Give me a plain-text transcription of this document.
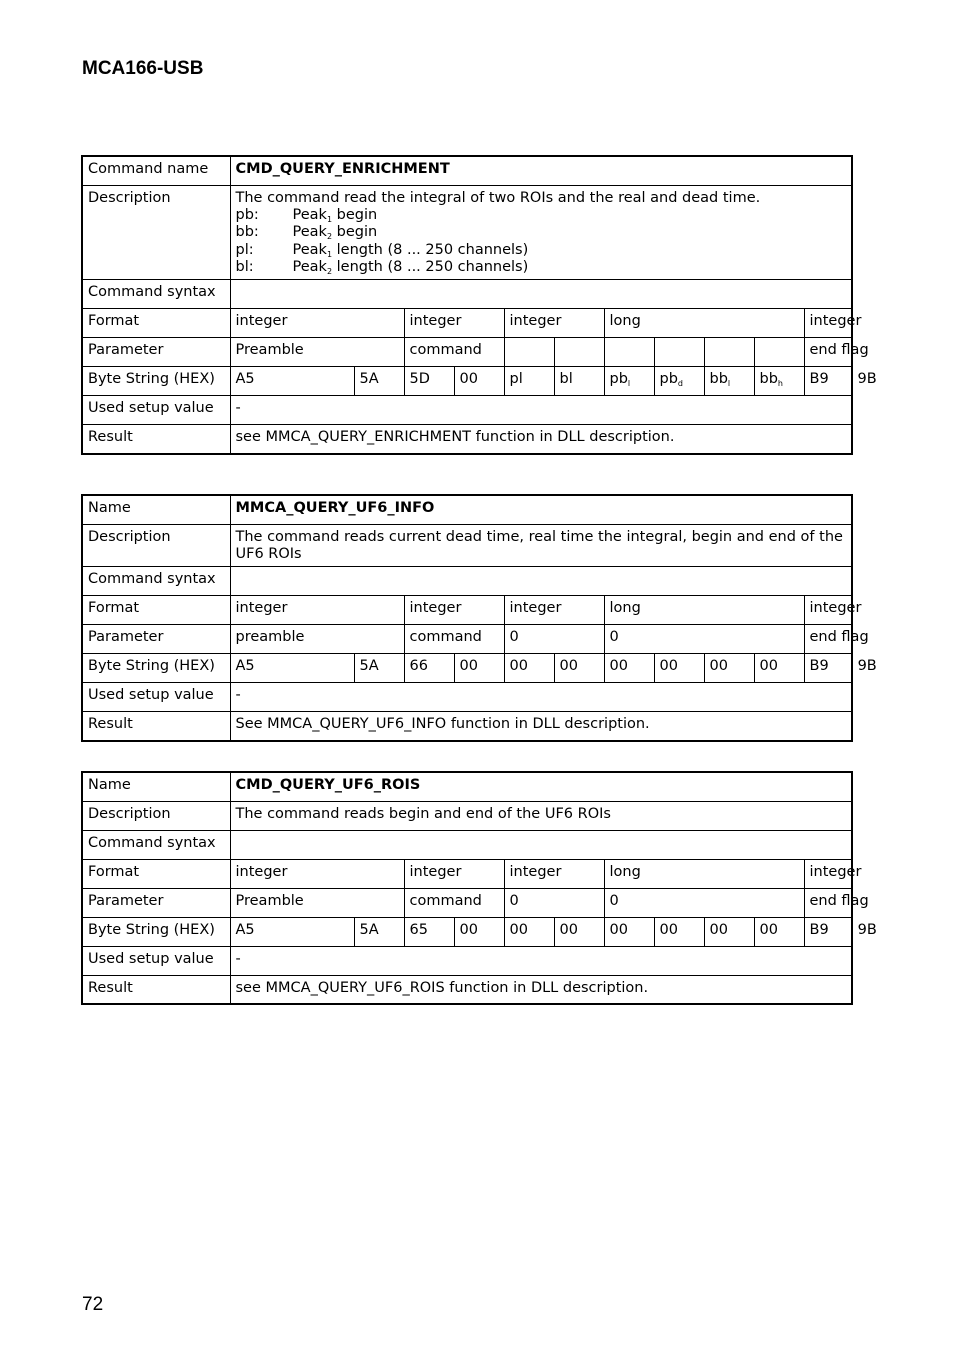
MCA166-USB
Command name	CMD_QUERY_ENRICHMENT											
Description	The command read the integral of two ROIs and the real and dead time.
pb: Peak$_1$ begin
bb: Peak$_2$ begin
pl: Peak$_1$ length (8 ... 250 channels)
bl: Peak$_2$ length (8 ... 250 channels)											

Command syntax												
Format	integer		integer		integer		long				integer	
Parameter	Preamble		command								end flag	
Byte String (HEX)	A5	5A	5D	00	pl	bl	$pb_l$	$pb_d$	$bb_l$	$bb_h$	B9	9B
Used setup value	-											
Result	see MMCA_QUERY_ENRICHMENT function in DLL description.											
Name	MMCA_QUERY_UF6_INFO											
Description	The command reads current dead time, real time the integral, begin and end of the UF6 ROIs											
Command syntax												
Format	integer		integer		integer		long				integer	
Parameter	preamble		command		0		0				end flag	
Byte String (HEX)	A5	5A	66	00	00	00	00	00	00	00	B9	9B
Used setup value	-											
Result	See MMCA_QUERY_UF6_INFO function in DLL description.											
Name	CMD_QUERY_UF6_ROIS											
Description	The command reads begin and end of the UF6 ROIs											
Command syntax												
Format	integer		integer		integer		long				integer	
Parameter	Preamble		command		0		0				end flag	
Byte String (HEX)	A5	5A	65	00	00	00	00	00	00	00	B9	9B
Used setup value	-											
Result	see MMCA_QUERY_UF6_ROIS function in DLL description.											
72
